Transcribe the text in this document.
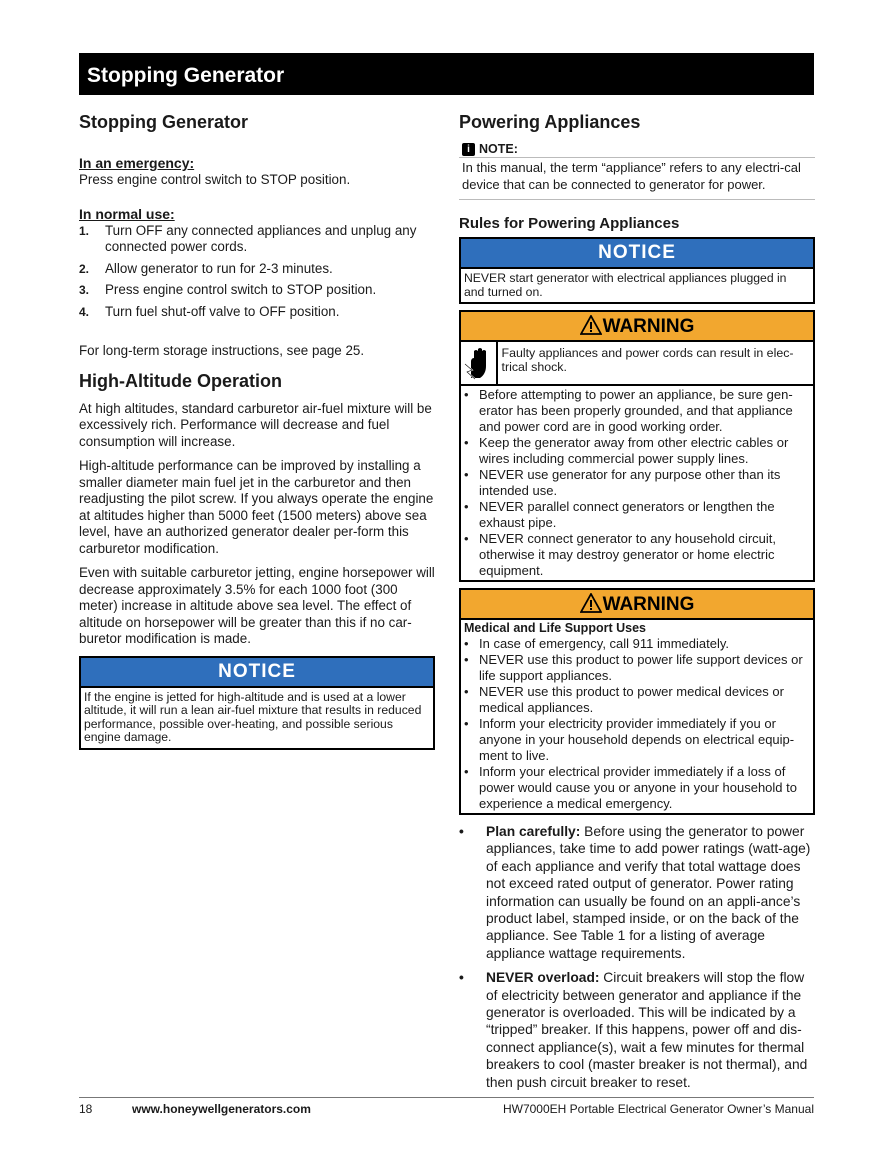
Stopping Generator
Stopping Generator
In an emergency:

Press engine control switch to STOP position.

In normal use:
1. Turn OFF any connected appliances and unplug any connected power cords.
2. Allow generator to run for 2-3 minutes.
3. Press engine control switch to STOP position.
4. Turn fuel shut-off valve to OFF position.

For long-term storage instructions, see page 25.

High-Altitude Operation

At high altitudes, standard carburetor air-fuel mixture will be excessively rich. Performance will decrease and fuel consumption will increase.

High-altitude performance can be improved by installing a smaller diameter main fuel jet in the carburetor and then readjusting the pilot screw. If you always operate the engine at altitudes higher than 5000 feet (1500 meters) above sea level, have an authorized generator dealer per-form this carburetor modification.

Even with suitable carburetor jetting, engine horsepower will decrease approximately 3.5% for each 1000 foot (300 meter) increase in altitude above sea level. The effect of altitude on horsepower will be greater than this if no car-buretor modification is made.

NOTICE
If the engine is jetted for high-altitude and is used at a lower altitude, it will run a lean air-fuel mixture that results in reduced performance, possible over-heating, and possible serious engine damage.
Powering Appliances
i NOTE:

In this manual, the term “appliance” refers to any electri-cal device that can be connected to generator for power.

Rules for Powering Appliances
NOTICE
NEVER start generator with electrical appliances plugged in and turned on.
WARNING
Faulty appliances and power cords can result in elec-trical shock.
• Before attempting to power an appliance, be sure gen-erator has been properly grounded, and that appliance and power cord are in good working order.
• Keep the generator away from other electric cables or wires including commercial power supply lines.
• NEVER use generator for any purpose other than its intended use.
• NEVER parallel connect generators or lengthen the exhaust pipe.
• NEVER connect generator to any household circuit, otherwise it may destroy generator or home electric equipment.
WARNING
Medical and Life Support Uses
• In case of emergency, call 911 immediately.
• NEVER use this product to power life support devices or life support appliances.
• NEVER use this product to power medical devices or medical appliances.
• Inform your electricity provider immediately if you or anyone in your household depends on electrical equip-ment to live.
• Inform your electrical provider immediately if a loss of power would cause you or anyone in your household to experience a medical emergency.
• Plan carefully: Before using the generator to power appliances, take time to add power ratings (watt-age) of each appliance and verify that total wattage does not exceed rated output of generator. Power rating information can usually be found on an appli-ance’s product label, stamped inside, or on the back of the appliance. See Table 1 for a listing of average appliance wattage requirements.
• NEVER overload: Circuit breakers will stop the flow of electricity between generator and appliance if the generator is overloaded. This will be indicated by a “tripped” breaker. If this happens, power off and dis-connect appliance(s), wait a few minutes for thermal breakers to cool (master breaker is not thermal), and then push circuit breaker to reset.
18	www.honeywellgenerators.com	HW7000EH Portable Electrical Generator Owner’s Manual
